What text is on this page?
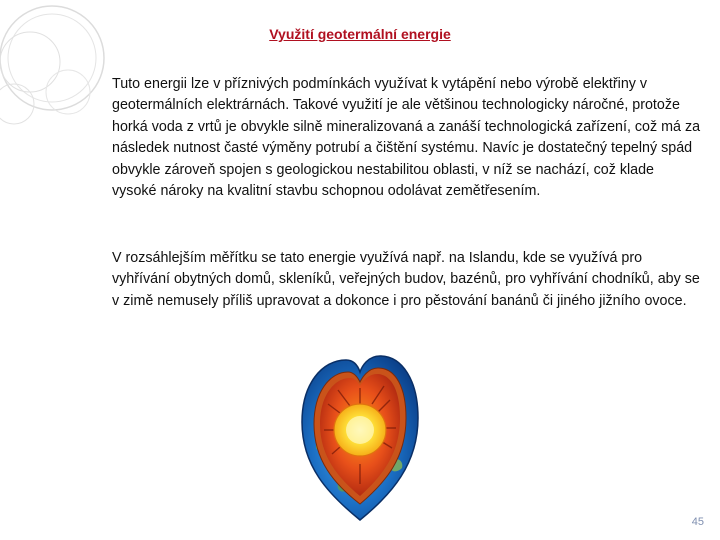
Využití geotermální energie

Tuto energii lze v příznivých podmínkách využívat k vytápění nebo výrobě elektřiny v geotermálních elektrárnách. Takové využití je ale většinou technologicky náročné, protože horká voda z vrtů je obvykle silně mineralizovaná a zanáší technologická zařízení, což má za následek nutnost časté výměny potrubí a čištění systému. Navíc je dostatečný tepelný spád obvykle zároveň spojen s geologickou nestabilitou oblasti, v níž se nachází, což klade vysoké nároky na kvalitní stavbu schopnou odolávat zemětřesením.

V rozsáhlejším měřítku se tato energie využívá např. na Islandu, kde se využívá pro vyhřívání obytných domů, skleníků, veřejných budov, bazénů, pro vyhřívání chodníků, aby se v zimě nemusely příliš upravovat a dokonce i pro pěstování banánů či jiného jižního ovoce.

45
